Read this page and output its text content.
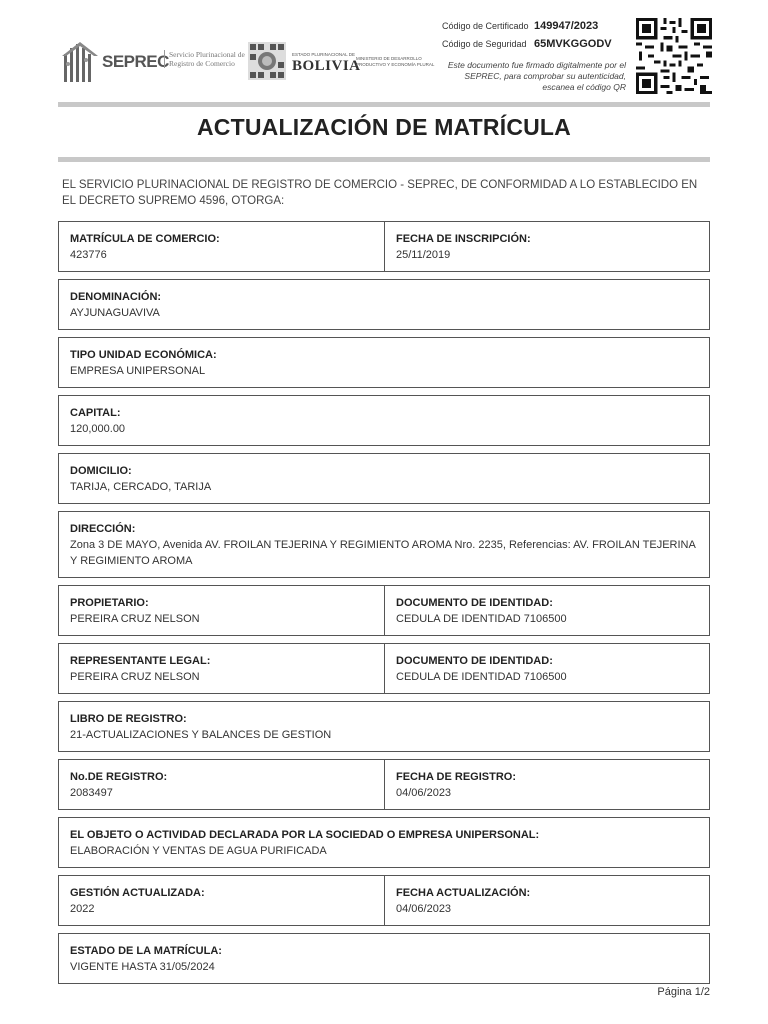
SEPREC Servicio Plurinacional de
Registro de Comercio
ESTADO PLURINACIONAL DE
BOLIVIA
MINISTERIO DE DESARROLLO
PRODUCTIVO Y ECONOMÍA PLURAL
Código de Certificado 149947/2023
Código de Seguridad 65MVKGGODV
Este documento fue firmado digitalmente por el SEPREC, para comprobar su autenticidad, escanea el código QR
ACTUALIZACIÓN DE MATRÍCULA
EL SERVICIO PLURINACIONAL DE REGISTRO DE COMERCIO - SEPREC, DE CONFORMIDAD A LO ESTABLECIDO EN EL DECRETO SUPREMO 4596, OTORGA:
MATRÍCULA DE COMERCIO:
423776
FECHA DE INSCRIPCIÓN:
25/11/2019
DENOMINACIÓN:
AYJUNAGUAVIVA
TIPO UNIDAD ECONÓMICA:
EMPRESA UNIPERSONAL
CAPITAL:
120,000.00
DOMICILIO:
TARIJA, CERCADO, TARIJA
DIRECCIÓN:
Zona 3 DE MAYO, Avenida AV. FROILAN TEJERINA Y REGIMIENTO AROMA Nro. 2235, Referencias: AV. FROILAN TEJERINA Y REGIMIENTO AROMA
PROPIETARIO:
PEREIRA CRUZ NELSON
DOCUMENTO DE IDENTIDAD:
CEDULA DE IDENTIDAD 7106500
REPRESENTANTE LEGAL:
PEREIRA CRUZ NELSON
DOCUMENTO DE IDENTIDAD:
CEDULA DE IDENTIDAD 7106500
LIBRO DE REGISTRO:
21-ACTUALIZACIONES Y BALANCES DE GESTION
No.DE REGISTRO:
2083497
FECHA DE REGISTRO:
04/06/2023
EL OBJETO O ACTIVIDAD DECLARADA POR LA SOCIEDAD O EMPRESA UNIPERSONAL:
ELABORACIÓN Y VENTAS DE AGUA PURIFICADA
GESTIÓN ACTUALIZADA:
2022
FECHA ACTUALIZACIÓN:
04/06/2023
ESTADO DE LA MATRÍCULA:
VIGENTE HASTA 31/05/2024
Página 1/2
